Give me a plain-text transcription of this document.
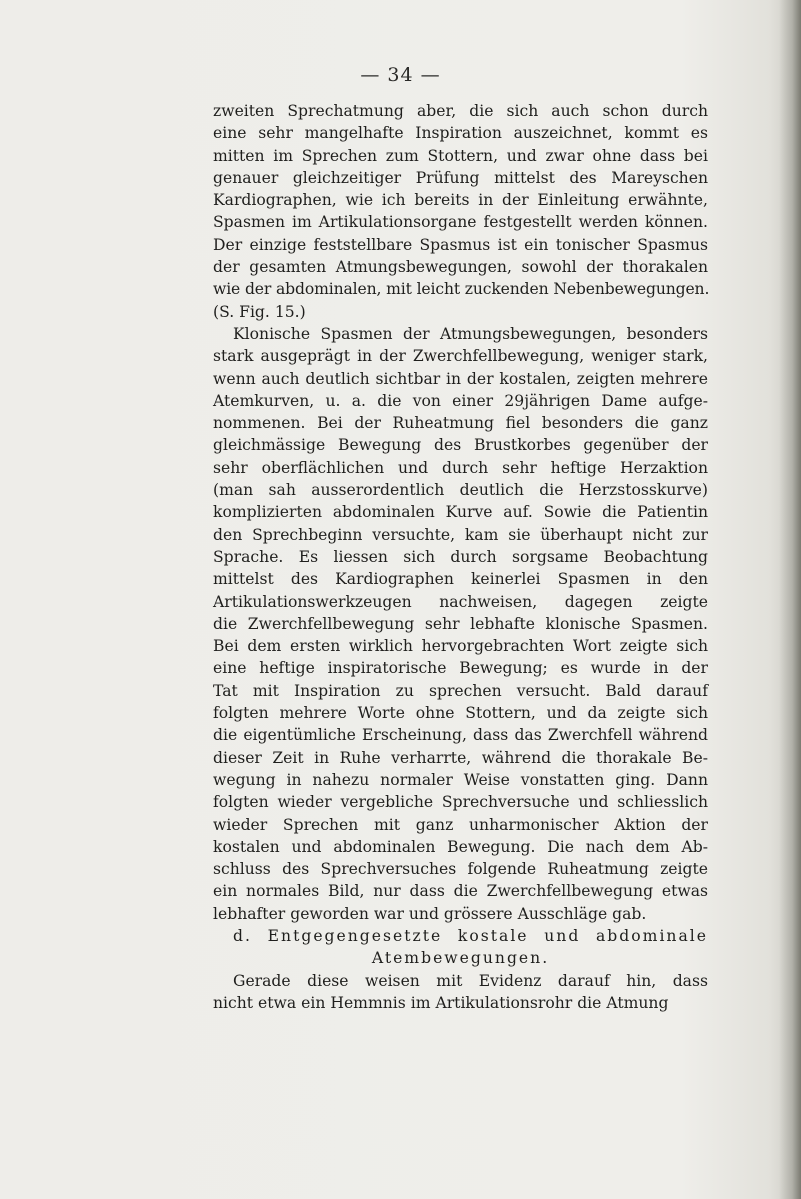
— 34 —
zweiten Sprechatmung aber, die sich auch schon durch
eine sehr mangelhafte Inspiration auszeichnet, kommt es
mitten im Sprechen zum Stottern, und zwar ohne dass bei
genauer gleichzeitiger Prüfung mittelst des Mareyschen
Kardiographen, wie ich bereits in der Einleitung erwähnte,
Spasmen im Artikulationsorgane festgestellt werden können.
Der einzige feststellbare Spasmus ist ein tonischer Spasmus
der gesamten Atmungsbewegungen, sowohl der thorakalen
wie der abdominalen, mit leicht zuckenden Nebenbewegungen.
(S. Fig. 15.)
Klonische Spasmen der Atmungsbewegungen, besonders
stark ausgeprägt in der Zwerchfellbewegung, weniger stark,
wenn auch deutlich sichtbar in der kostalen, zeigten mehrere
Atemkurven, u. a. die von einer 29jährigen Dame aufge-
nommenen. Bei der Ruheatmung fiel besonders die ganz
gleichmässige Bewegung des Brustkorbes gegenüber der
sehr oberflächlichen und durch sehr heftige Herzaktion
(man sah ausserordentlich deutlich die Herzstosskurve)
komplizierten abdominalen Kurve auf. Sowie die Patientin
den Sprechbeginn versuchte, kam sie überhaupt nicht zur
Sprache. Es liessen sich durch sorgsame Beobachtung
mittelst des Kardiographen keinerlei Spasmen in den
Artikulationswerkzeugen nachweisen, dagegen zeigte
die Zwerchfellbewegung sehr lebhafte klonische Spasmen.
Bei dem ersten wirklich hervorgebrachten Wort zeigte sich
eine heftige inspiratorische Bewegung; es wurde in der
Tat mit Inspiration zu sprechen versucht. Bald darauf
folgten mehrere Worte ohne Stottern, und da zeigte sich
die eigentümliche Erscheinung, dass das Zwerchfell während
dieser Zeit in Ruhe verharrte, während die thorakale Be-
wegung in nahezu normaler Weise vonstatten ging. Dann
folgten wieder vergebliche Sprechversuche und schliesslich
wieder Sprechen mit ganz unharmonischer Aktion der
kostalen und abdominalen Bewegung. Die nach dem Ab-
schluss des Sprechversuches folgende Ruheatmung zeigte
ein normales Bild, nur dass die Zwerchfellbewegung etwas
lebhafter geworden war und grössere Ausschläge gab.
d. Entgegengesetzte kostale und abdominale
Atembewegungen.
Gerade diese weisen mit Evidenz darauf hin, dass
nicht etwa ein Hemmnis im Artikulationsrohr die Atmung
